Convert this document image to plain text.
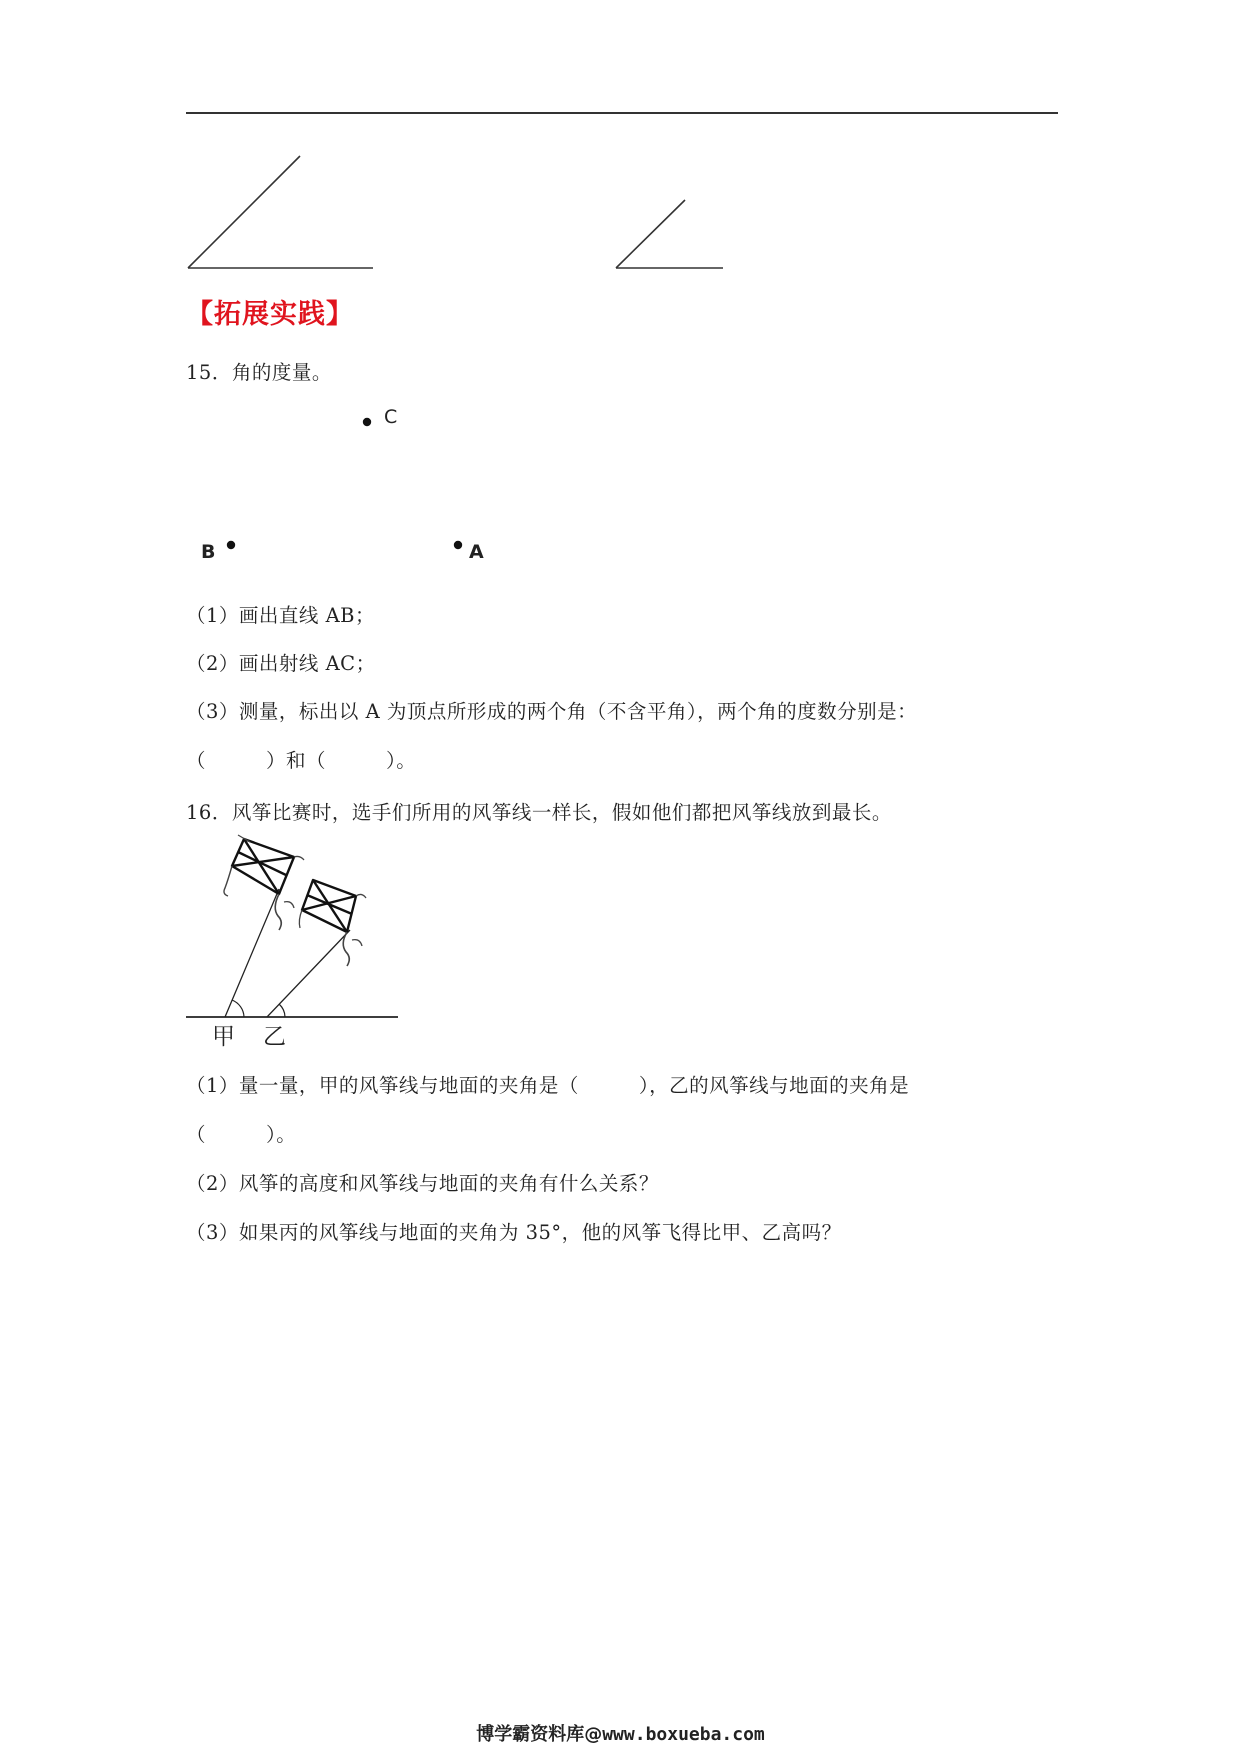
【拓展实践】
15．角的度量。
C
B	A
（1）画出直线 AB；
（2）画出射线 AC；
（3）测量，标出以 A 为顶点所形成的两个角（不含平角），两个角的度数分别是：
（　　　）和（　　　）。
16．风筝比赛时，选手们所用的风筝线一样长，假如他们都把风筝线放到最长。
甲 乙
（1）量一量，甲的风筝线与地面的夹角是（　　　），乙的风筝线与地面的夹角是
（　　　）。
（2）风筝的高度和风筝线与地面的夹角有什么关系？
（3）如果丙的风筝线与地面的夹角为 35°，他的风筝飞得比甲、乙高吗？
博学霸资料库@www.boxueba.com
